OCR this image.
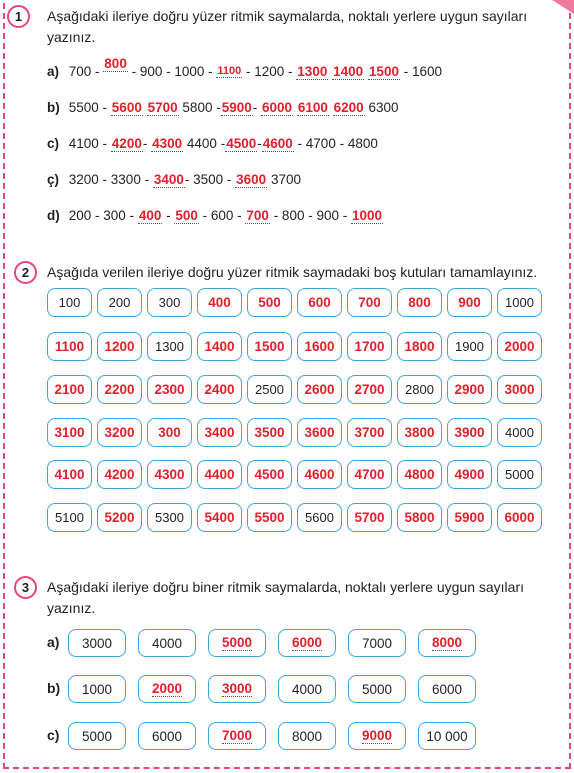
1	Aşağıdaki ileriye doğru yüzer ritmik saymalarda, noktalı yerlere uygun sayıları
yazınız.
a) 700 - 800 - 900 - 1000 - 1100 - 1200 - 1300 1400 1500 - 1600
b) 5500 - 5600 5700 5800 -5900- 6000 6100 6200 6300
c) 4100 - 4200- 4300 4400 -4500-4600 - 4700 - 4800
ç) 3200 - 3300 - 3400- 3500 - 3600 3700
d) 200 - 300 - 400 - 500 - 600 - 700 - 800 - 900 - 1000
2	Aşağıda verilen ileriye doğru yüzer ritmik saymadaki boş kutuları tamamlayınız.
100	200	300	400	500	600	700	800	900	1000
1100	1200	1300	1400	1500	1600	1700	1800	1900	2000
2100	2200	2300	2400	2500	2600	2700	2800	2900	3000
3100	3200	300	3400	3500	3600	3700	3800	3900	4000
4100	4200	4300	4400	4500	4600	4700	4800	4900	5000
5100	5200	5300	5400	5500	5600	5700	5800	5900	6000
3	Aşağıdaki ileriye doğru biner ritmik saymalarda, noktalı yerlere uygun sayıları
yazınız.
a) 3000	4000	5000	6000	7000	8000
b) 1000	2000	3000	4000	5000	6000
c) 5000	6000	7000	8000	9000	10 000
